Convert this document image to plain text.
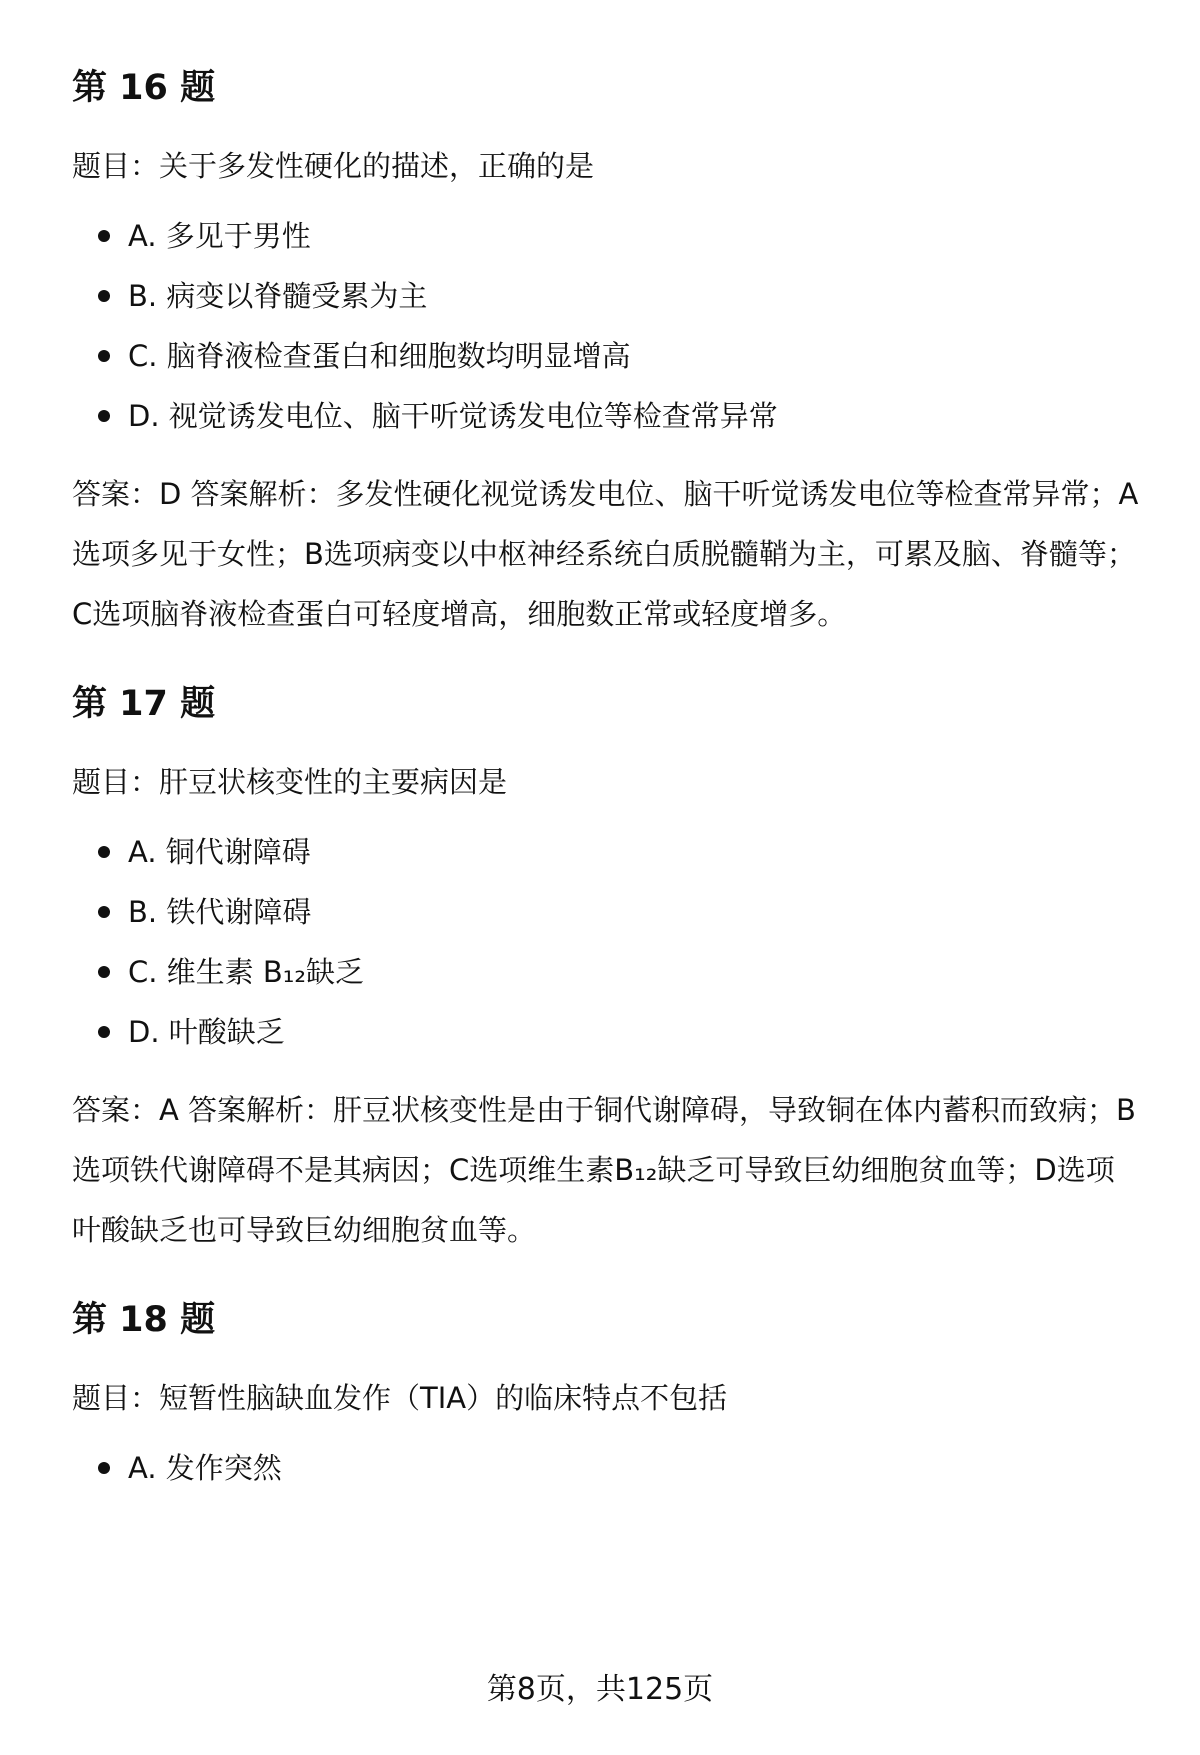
第 16 题

题目：关于多发性硬化的描述，正确的是

A. 多见于男性
B. 病变以脊髓受累为主
C. 脑脊液检查蛋白和细胞数均明显增高
D. 视觉诱发电位、脑干听觉诱发电位等检查常异常

答案：D 答案解析：多发性硬化视觉诱发电位、脑干听觉诱发电位等检查常异常；A选项多见于女性；B选项病变以中枢神经系统白质脱髓鞘为主，可累及脑、脊髓等；C选项脑脊液检查蛋白可轻度增高，细胞数正常或轻度增多。

第 17 题

题目：肝豆状核变性的主要病因是

A. 铜代谢障碍
B. 铁代谢障碍
C. 维生素 B₁₂缺乏
D. 叶酸缺乏

答案：A 答案解析：肝豆状核变性是由于铜代谢障碍，导致铜在体内蓄积而致病；B选项铁代谢障碍不是其病因；C选项维生素B₁₂缺乏可导致巨幼细胞贫血等；D选项叶酸缺乏也可导致巨幼细胞贫血等。

第 18 题

题目：短暂性脑缺血发作（TIA）的临床特点不包括

A. 发作突然
第8页，共125页
